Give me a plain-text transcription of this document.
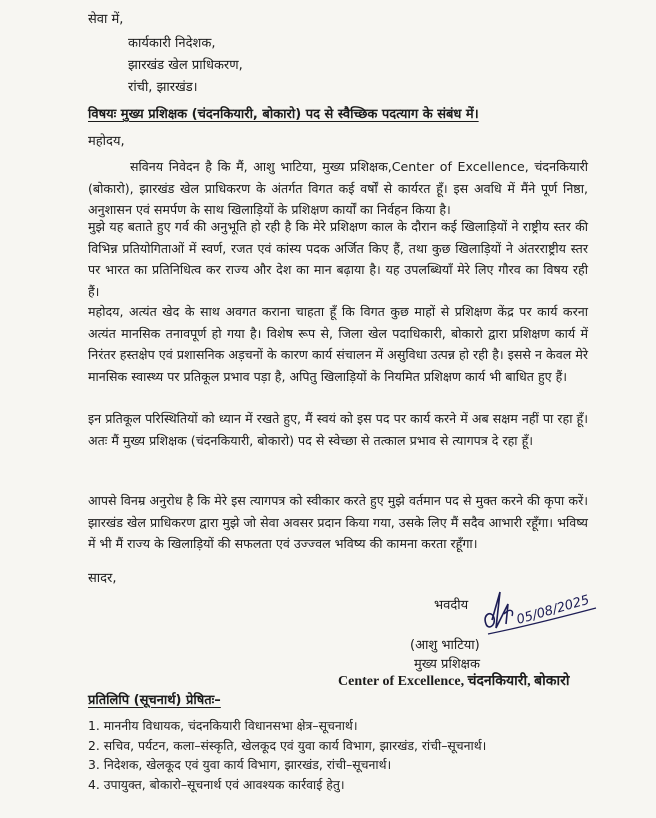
सेवा में,
कार्यकारी निदेशक,
झारखंड खेल प्राधिकरण,
रांची, झारखंड।
विषयः मुख्य प्रशिक्षक (चंदनकियारी, बोकारो) पद से स्वैच्छिक पदत्याग के संबंध में।
महोदय,
सविनय निवेदन है कि मैं, आशु भाटिया, मुख्य प्रशिक्षक,Center of Excellence, चंदनकियारी (बोकारो), झारखंड खेल प्राधिकरण के अंतर्गत विगत कई वर्षों से कार्यरत हूँ। इस अवधि में मैंने पूर्ण निष्ठा, अनुशासन एवं समर्पण के साथ खिलाड़ियों के प्रशिक्षण कार्यों का निर्वहन किया है।
मुझे यह बताते हुए गर्व की अनुभूति हो रही है कि मेरे प्रशिक्षण काल के दौरान कई खिलाड़ियों ने राष्ट्रीय स्तर की विभिन्न प्रतियोगिताओं में स्वर्ण, रजत एवं कांस्य पदक अर्जित किए हैं, तथा कुछ खिलाड़ियों ने अंतरराष्ट्रीय स्तर पर भारत का प्रतिनिधित्व कर राज्य और देश का मान बढ़ाया है। यह उपलब्धियाँ मेरे लिए गौरव का विषय रही हैं।
महोदय, अत्यंत खेद के साथ अवगत कराना चाहता हूँ कि विगत कुछ माहों से प्रशिक्षण केंद्र पर कार्य करना अत्यंत मानसिक तनावपूर्ण हो गया है। विशेष रूप से, जिला खेल पदाधिकारी, बोकारो द्वारा प्रशिक्षण कार्य में निरंतर हस्तक्षेप एवं प्रशासनिक अड़चनों के कारण कार्य संचालन में असुविधा उत्पन्न हो रही है। इससे न केवल मेरे मानसिक स्वास्थ्य पर प्रतिकूल प्रभाव पड़ा है, अपितु खिलाड़ियों के नियमित प्रशिक्षण कार्य भी बाधित हुए हैं।
इन प्रतिकूल परिस्थितियों को ध्यान में रखते हुए, मैं स्वयं को इस पद पर कार्य करने में अब सक्षम नहीं पा रहा हूँ। अतः मैं मुख्य प्रशिक्षक (चंदनकियारी, बोकारो) पद से स्वेच्छा से तत्काल प्रभाव से त्यागपत्र दे रहा हूँ।
आपसे विनम्र अनुरोध है कि मेरे इस त्यागपत्र को स्वीकार करते हुए मुझे वर्तमान पद से मुक्त करने की कृपा करें। झारखंड खेल प्राधिकरण द्वारा मुझे जो सेवा अवसर प्रदान किया गया, उसके लिए मैं सदैव आभारी रहूँगा। भविष्य में भी मैं राज्य के खिलाड़ियों की सफलता एवं उज्ज्वल भविष्य की कामना करता रहूँगा।
सादर,
भवदीय	05/08/2025
(आशु भाटिया)
मुख्य प्रशिक्षक
Center of Excellence, चंदनकियारी, बोकारो
प्रतिलिपि (सूचनार्थ) प्रेषितः–
1. माननीय विधायक, चंदनकियारी विधानसभा क्षेत्र–सूचनार्थ।
2. सचिव, पर्यटन, कला–संस्कृति, खेलकूद एवं युवा कार्य विभाग, झारखंड, रांची–सूचनार्थ।
3. निदेशक, खेलकूद एवं युवा कार्य विभाग, झारखंड, रांची–सूचनार्थ।
4. उपायुक्त, बोकारो–सूचनार्थ एवं आवश्यक कार्रवाई हेतु।
